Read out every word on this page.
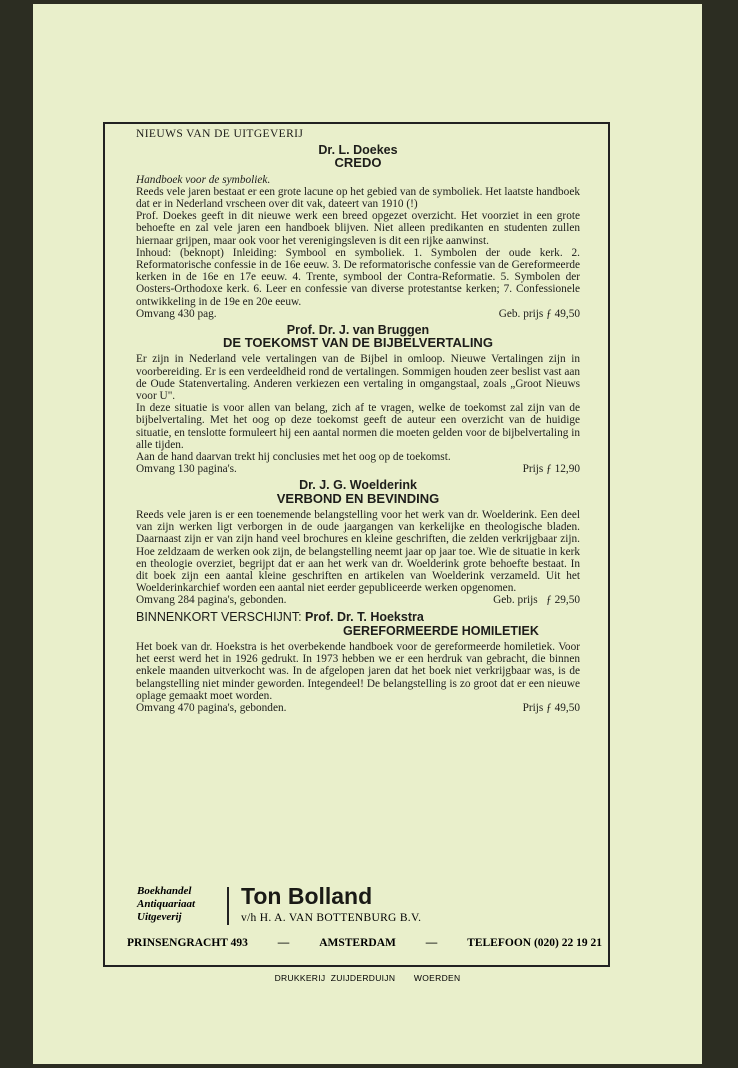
NIEUWS VAN DE UITGEVERIJ
Dr. L. Doekes
CREDO

Handboek voor de symboliek.

Reeds vele jaren bestaat er een grote lacune op het gebied van de symboliek. Het laatste handboek dat er in Nederland vrscheen over dit vak, dateert van 1910 (!)
Prof. Doekes geeft in dit nieuwe werk een breed opgezet overzicht. Het voorziet in een grote behoefte en zal vele jaren een handboek blijven. Niet alleen predikanten en studenten zullen hiernaar grijpen, maar ook voor het verenigingsleven is dit een rijke aanwinst.
Inhoud: (beknopt) Inleiding: Symbool en symboliek. 1. Symbolen der oude kerk. 2. Reformatorische confessie in de 16e eeuw. 3. De reformatorische confessie van de Gereformeerde kerken in de 16e en 17e eeuw. 4. Trente, symbool der Contra-Reformatie. 5. Symbolen der Oosters-Orthodoxe kerk. 6. Leer en confessie van diverse protestantse kerken; 7. Confessionele ontwikkeling in de 19e en 20e eeuw.

Omvang 430 pag.	Geb. prijs ƒ 49,50
Prof. Dr. J. van Bruggen
DE TOEKOMST VAN DE BIJBELVERTALING

Er zijn in Nederland vele vertalingen van de Bijbel in omloop. Nieuwe Vertalingen zijn in voorbereiding. Er is een verdeeldheid rond de vertalingen. Sommigen houden zeer beslist vast aan de Oude Statenvertaling. Anderen verkiezen een vertaling in omgangstaal, zoals „Groot Nieuws voor U".
In deze situatie is voor allen van belang, zich af te vragen, welke de toekomst zal zijn van de bijbelvertaling. Met het oog op deze toekomst geeft de auteur een overzicht van de huidige situatie, en tenslotte formuleert hij een aantal normen die moeten gelden voor de bijbelvertaling in alle tijden.
Aan de hand daarvan trekt hij conclusies met het oog op de toekomst.

Omvang 130 pagina's.	Prijs ƒ 12,90
Dr. J. G. Woelderink
VERBOND EN BEVINDING

Reeds vele jaren is er een toenemende belangstelling voor het werk van dr. Woelderink. Een deel van zijn werken ligt verborgen in de oude jaargangen van kerkelijke en theologische bladen. Daarnaast zijn er van zijn hand veel brochures en kleine geschriften, die zelden verkrijgbaar zijn. Hoe zeldzaam de werken ook zijn, de belangstelling neemt jaar op jaar toe. Wie de situatie in kerk en theologie overziet, begrijpt dat er aan het werk van dr. Woelderink grote behoefte bestaat. In dit boek zijn een aantal kleine geschriften en artikelen van Woelderink verzameld. Uit het Woelderinkarchief worden een aantal niet eerder gepubliceerde werken opgenomen.

Omvang 284 pagina's, gebonden.	Geb. prijs   ƒ 29,50
BINNENKORT VERSCHIJNT: Prof. Dr. T. Hoekstra
GEREFORMEERDE HOMILETIEK

Het boek van dr. Hoekstra is het overbekende handboek voor de gereformeerde homiletiek. Voor het eerst werd het in 1926 gedrukt. In 1973 hebben we er een herdruk van gebracht, die binnen enkele maanden uitverkocht was. In de afgelopen jaren dat het boek niet verkrijgbaar was, is de belangstelling niet minder geworden. Integendeel! De belangstelling is zo groot dat er een nieuwe oplage gemaakt moet worden.

Omvang 470 pagina's, gebonden.	Prijs ƒ 49,50
Boekhandel
Antiquariaat
Uitgeverij
Ton Bolland
v/h H. A. VAN BOTTENBURG B.V.
PRINSENGRACHT 493	—	AMSTERDAM	—	TELEFOON (020) 22 19 21
DRUKKERIJ  ZUIJDERDUIJN       WOERDEN
